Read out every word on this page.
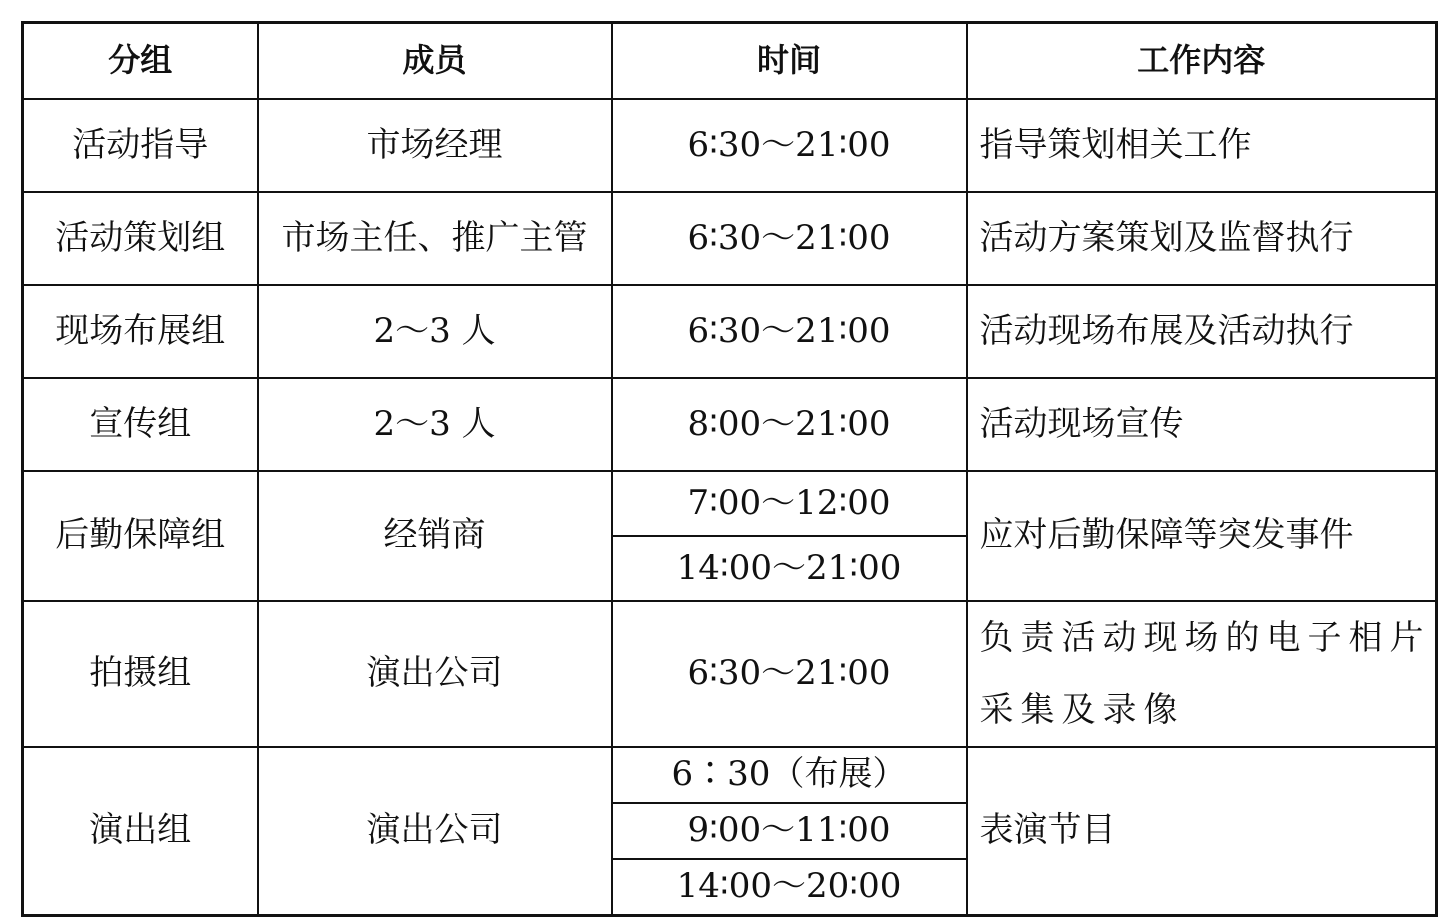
分组	成员	时间	工作内容
活动指导	市场经理	6∶30～21∶00	指导策划相关工作
活动策划组	市场主任、推广主管	6∶30～21∶00	活动方案策划及监督执行
现场布展组	2～3 人	6∶30～21∶00	活动现场布展及活动执行
宣传组	2～3 人	8∶00～21∶00	活动现场宣传
后勤保障组	经销商	7∶00～12∶00	应对后勤保障等突发事件
		14∶00～21∶00	
拍摄组	演出公司	6∶30～21∶00	负责活动现场的电子相片
采集及录像

演出组	演出公司	6∶30（布展）	表演节目
		9∶00～11∶00	
		14∶00～20∶00	
